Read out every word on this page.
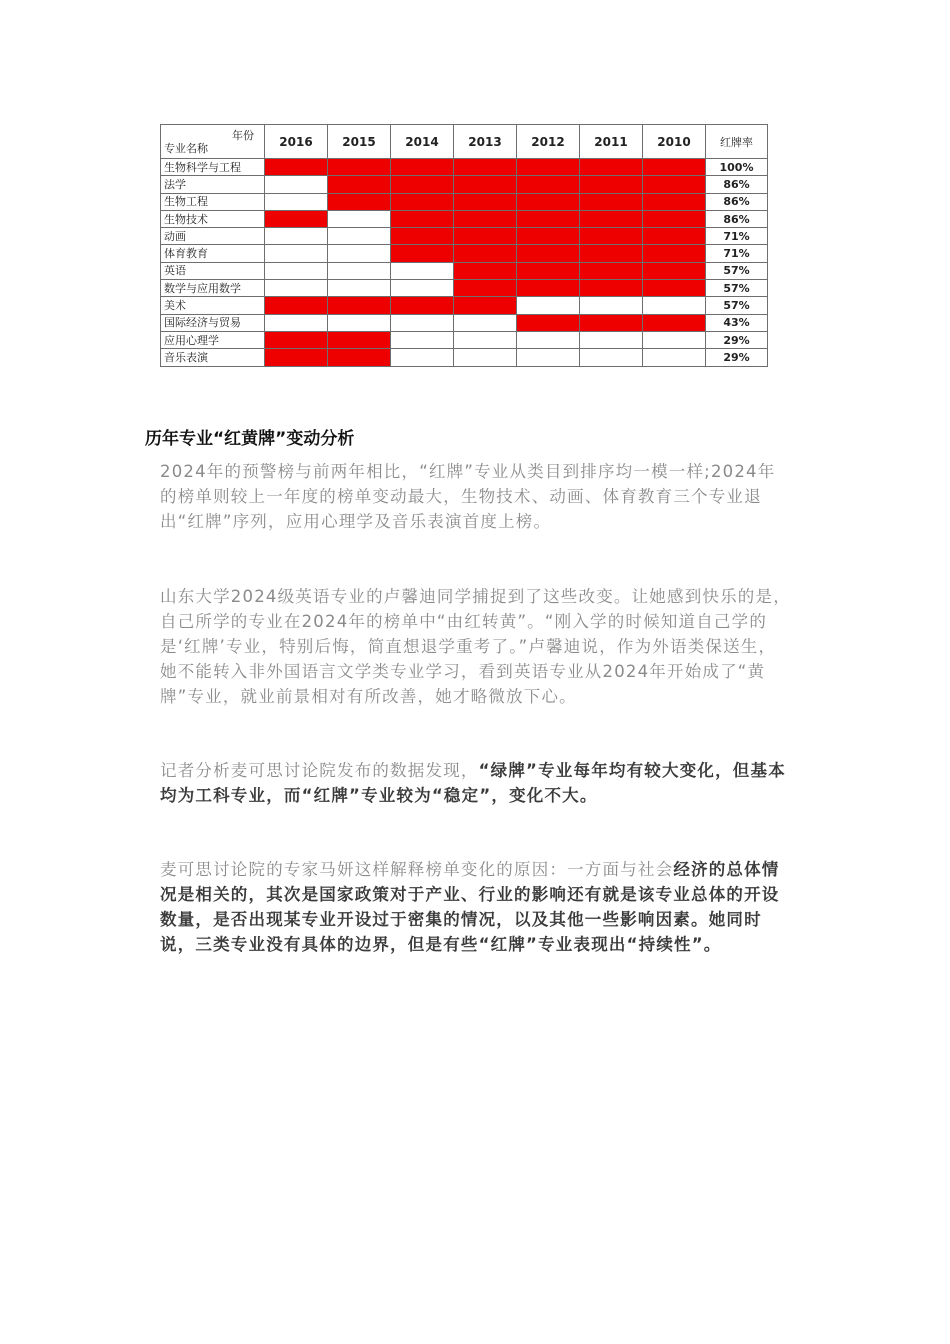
年份
专业名称	2016	2015	2014	2013	2012	2011	2010	红牌率
生物科学与工程								100%
法学								86%
生物工程								86%
生物技术								86%
动画								71%
体育教育								71%
英语								57%
数学与应用数学								57%
美术								57%
国际经济与贸易								43%
应用心理学								29%
音乐表演								29%
历年专业“红黄牌”变动分析

2024年的预警榜与前两年相比，“红牌”专业从类目到排序均一模一样;2024年的榜单则较上一年度的榜单变动最大，生物技术、动画、体育教育三个专业退出“红牌”序列，应用心理学及音乐表演首度上榜。

山东大学2024级英语专业的卢馨迪同学捕捉到了这些改变。让她感到快乐的是，自己所学的专业在2024年的榜单中“由红转黄”。“刚入学的时候知道自己学的是‘红牌’专业，特别后悔，简直想退学重考了。”卢馨迪说，作为外语类保送生，她不能转入非外国语言文学类专业学习，看到英语专业从2024年开始成了“黄牌”专业，就业前景相对有所改善，她才略微放下心。

记者分析麦可思讨论院发布的数据发现，“绿牌”专业每年均有较大变化，但基本均为工科专业，而“红牌”专业较为“稳定”，变化不大。

麦可思讨论院的专家马妍这样解释榜单变化的原因：一方面与社会经济的总体情况是相关的，其次是国家政策对于产业、行业的影响还有就是该专业总体的开设数量，是否出现某专业开设过于密集的情况，以及其他一些影响因素。她同时说，三类专业没有具体的边界，但是有些“红牌”专业表现出“持续性”。
